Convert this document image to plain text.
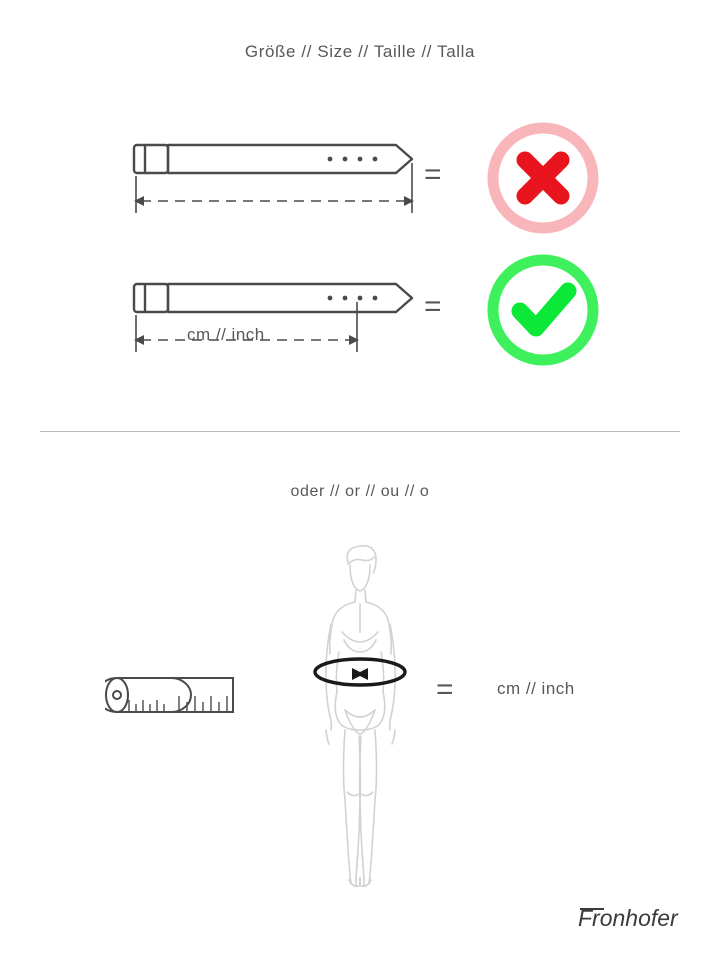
Größe // Size // Taille // Talla
=
cm // inch
=
oder // or // ou // o
=	cm // inch
Fronhofer
